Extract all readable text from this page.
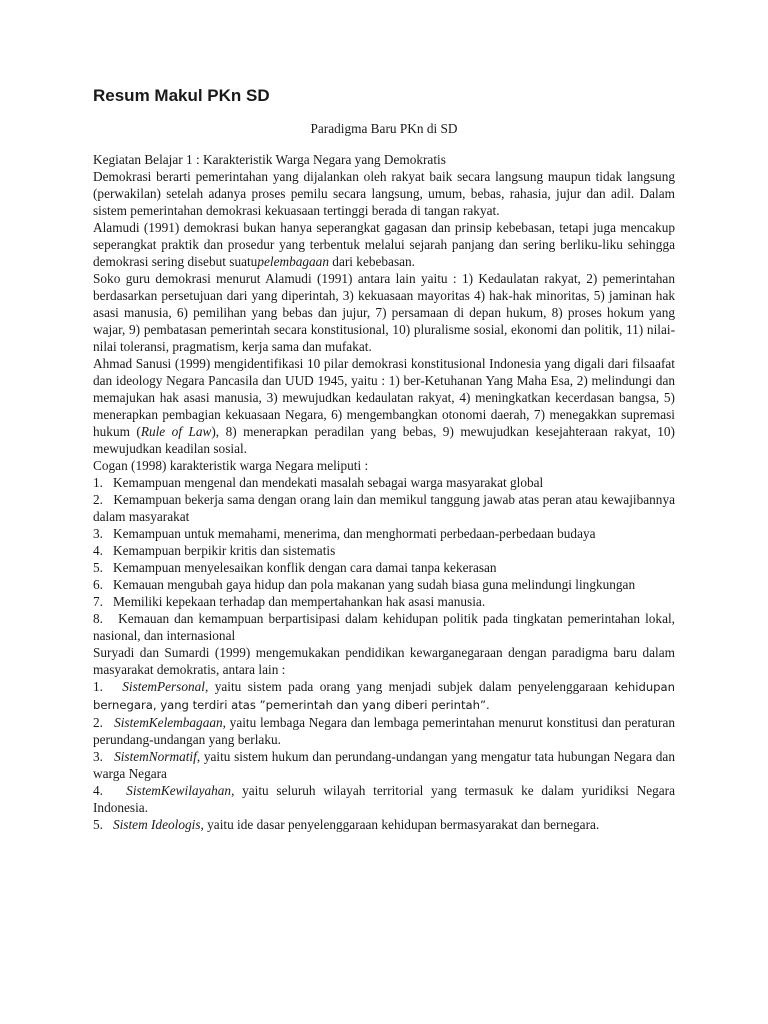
Resum Makul PKn SD
Paradigma Baru PKn di SD

Kegiatan Belajar 1 : Karakteristik Warga Negara yang Demokratis

Demokrasi berarti pemerintahan yang dijalankan oleh rakyat baik secara langsung maupun tidak langsung (perwakilan) setelah adanya proses pemilu secara langsung, umum, bebas, rahasia, jujur dan adil. Dalam sistem pemerintahan demokrasi kekuasaan tertinggi berada di tangan rakyat.

Alamudi (1991) demokrasi bukan hanya seperangkat gagasan dan prinsip kebebasan, tetapi juga mencakup seperangkat praktik dan prosedur yang terbentuk melalui sejarah panjang dan sering berliku-liku sehingga demokrasi sering disebut suatupelembagaan dari kebebasan.

Soko guru demokrasi menurut Alamudi (1991) antara lain yaitu : 1) Kedaulatan rakyat, 2) pemerintahan berdasarkan persetujuan dari yang diperintah, 3) kekuasaan mayoritas 4) hak-hak minoritas, 5) jaminan hak asasi manusia, 6) pemilihan yang bebas dan jujur, 7) persamaan di depan hukum, 8) proses hokum yang wajar, 9) pembatasan pemerintah secara konstitusional, 10) pluralisme sosial, ekonomi dan politik, 11) nilai-nilai toleransi, pragmatism, kerja sama dan mufakat.

Ahmad Sanusi (1999) mengidentifikasi 10 pilar demokrasi konstitusional Indonesia yang digali dari filsaafat dan ideology Negara Pancasila dan UUD 1945, yaitu : 1) ber-Ketuhanan Yang Maha Esa, 2) melindungi dan memajukan hak asasi manusia, 3) mewujudkan kedaulatan rakyat, 4) meningkatkan kecerdasan bangsa, 5) menerapkan pembagian kekuasaan Negara, 6) mengembangkan otonomi daerah, 7) menegakkan supremasi hukum (Rule of Law), 8) menerapkan peradilan yang bebas, 9) mewujudkan kesejahteraan rakyat, 10) mewujudkan keadilan sosial.

Cogan (1998) karakteristik warga Negara meliputi :

1. Kemampuan mengenal dan mendekati masalah sebagai warga masyarakat global

2. Kemampuan bekerja sama dengan orang lain dan memikul tanggung jawab atas peran atau kewajibannya dalam masyarakat

3. Kemampuan untuk memahami, menerima, dan menghormati perbedaan-perbedaan budaya

4. Kemampuan berpikir kritis dan sistematis

5. Kemampuan menyelesaikan konflik dengan cara damai tanpa kekerasan

6. Kemauan mengubah gaya hidup dan pola makanan yang sudah biasa guna melindungi lingkungan

7. Memiliki kepekaan terhadap dan mempertahankan hak asasi manusia.

8. Kemauan dan kemampuan berpartisipasi dalam kehidupan politik pada tingkatan pemerintahan lokal, nasional, dan internasional

Suryadi dan Sumardi (1999) mengemukakan pendidikan kewarganegaraan dengan paradigma baru dalam masyarakat demokratis, antara lain :

1. SistemPersonal, yaitu sistem pada orang yang menjadi subjek dalam penyelenggaraan kehidupan bernegara, yang terdiri atas ”pemerintah dan yang diberi perintah”.

2. SistemKelembagaan, yaitu lembaga Negara dan lembaga pemerintahan menurut konstitusi dan peraturan perundang-undangan yang berlaku.

3. SistemNormatif, yaitu sistem hukum dan perundang-undangan yang mengatur tata hubungan Negara dan warga Negara

4. SistemKewilayahan, yaitu seluruh wilayah territorial yang termasuk ke dalam yuridiksi Negara Indonesia.

5. Sistem Ideologis, yaitu ide dasar penyelenggaraan kehidupan bermasyarakat dan bernegara.
